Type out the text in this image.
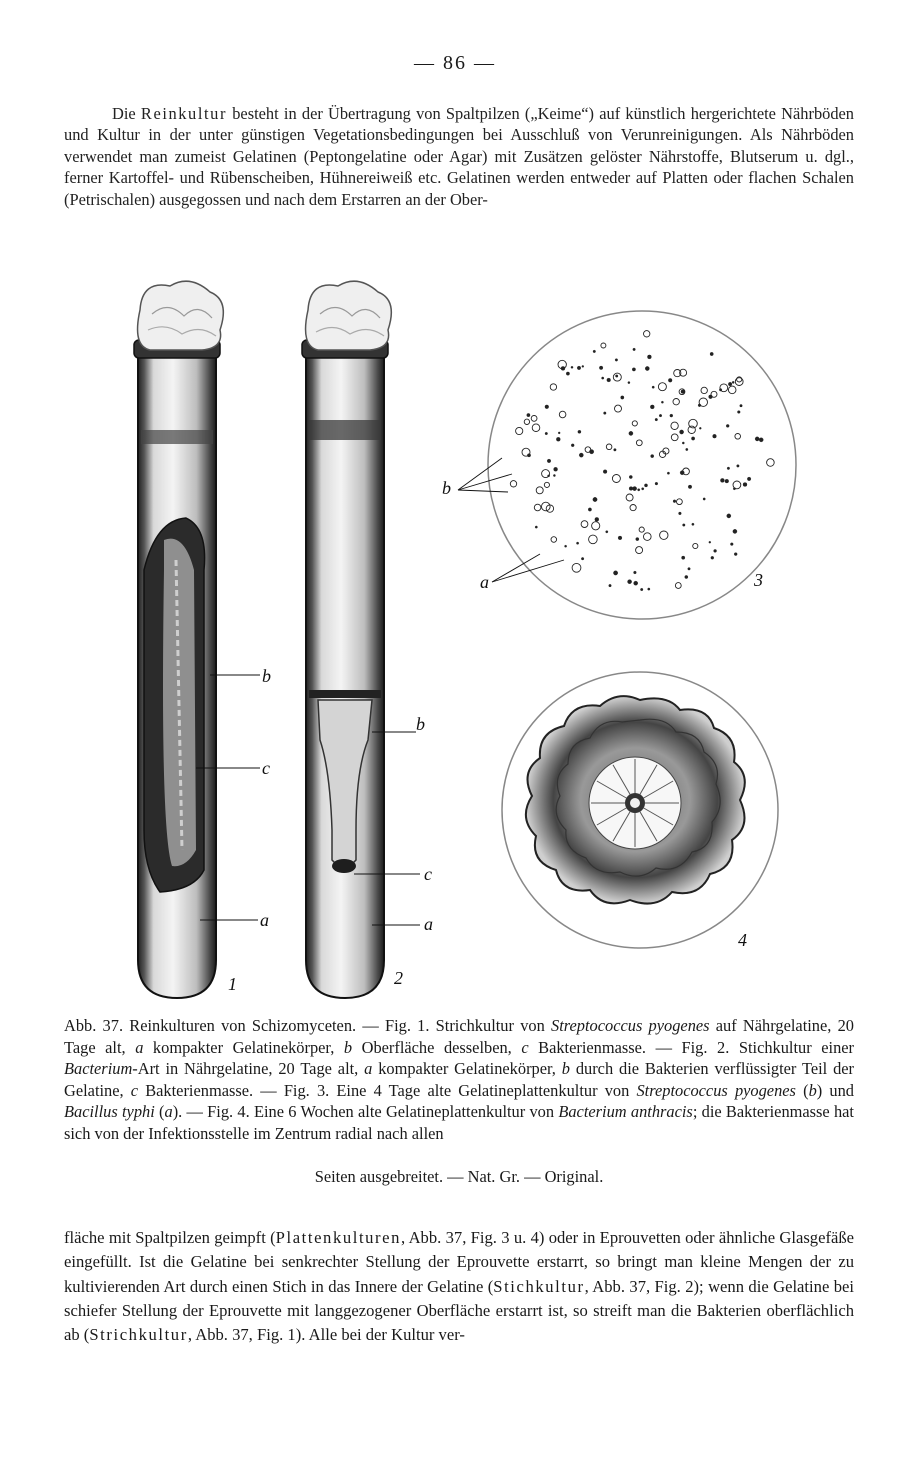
— 86 —

Die Reinkultur besteht in der Übertragung von Spaltpilzen („Keime“) auf künstlich hergerichtete Nährböden und Kultur in der unter günstigen Vegetationsbedingungen bei Ausschluß von Verunreinigungen. Als Nährböden verwendet man zumeist Gelatinen (Peptongelatine oder Agar) mit Zusätzen gelöster Nährstoffe, Blutserum u. dgl., ferner Kartoffel- und Rübenscheiben, Hühnereiweiß etc. Gelatinen werden entweder auf Platten oder flachen Schalen (Petrischalen) ausgegossen und nach dem Erstarren an der Ober-

b
c
a
1
b
c
a
2
b
a	3
4

Abb. 37. Reinkulturen von Schizomyceten. — Fig. 1. Strichkultur von Streptococcus pyogenes auf Nährgelatine, 20 Tage alt, a kompakter Gelatinekörper, b Oberfläche desselben, c Bakterienmasse. — Fig. 2. Stichkultur einer Bacterium-Art in Nährgelatine, 20 Tage alt, a kompakter Gelatinekörper, b durch die Bakterien verflüssigter Teil der Gelatine, c Bakterienmasse. — Fig. 3. Eine 4 Tage alte Gelatineplattenkultur von Streptococcus pyogenes (b) und Bacillus typhi (a). — Fig. 4. Eine 6 Wochen alte Gelatineplattenkultur von Bacterium anthracis; die Bakterienmasse hat sich von der Infektionsstelle im Zentrum radial nach allen

Seiten ausgebreitet. — Nat. Gr. — Original.

fläche mit Spaltpilzen geimpft (Plattenkulturen, Abb. 37, Fig. 3 u. 4) oder in Eprouvetten oder ähnliche Glasgefäße eingefüllt. Ist die Gelatine bei senkrechter Stellung der Eprouvette erstarrt, so bringt man kleine Mengen der zu kultivierenden Art durch einen Stich in das Innere der Gelatine (Stichkultur, Abb. 37, Fig. 2); wenn die Gelatine bei schiefer Stellung der Eprouvette mit langgezogener Oberfläche erstarrt ist, so streift man die Bakterien oberflächlich ab (Strichkultur, Abb. 37, Fig. 1). Alle bei der Kultur ver-
